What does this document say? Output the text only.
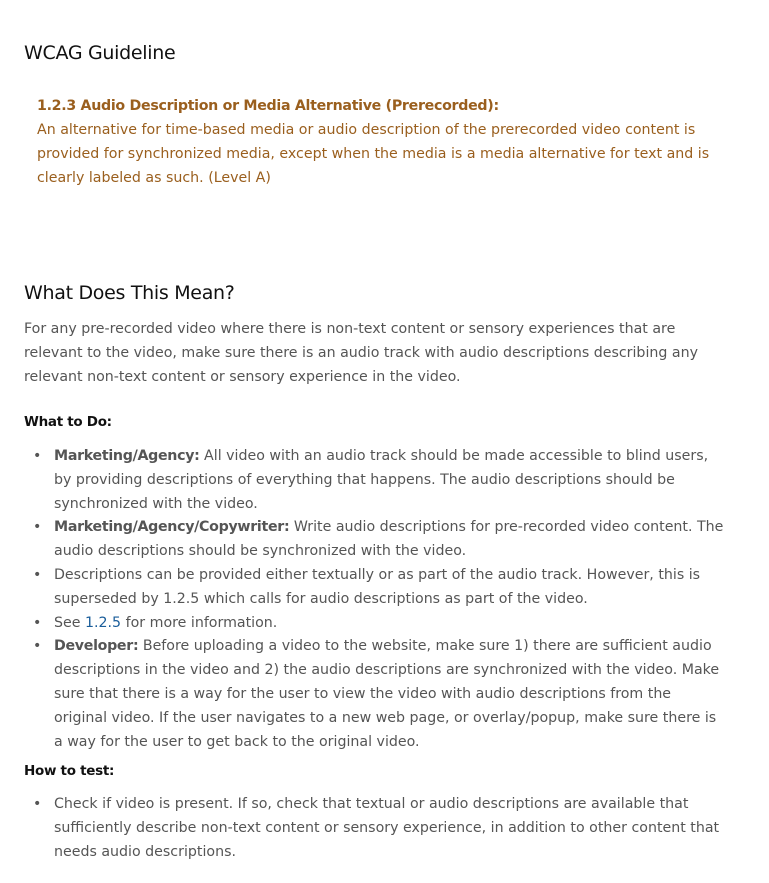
WCAG Guideline
1.2.3 Audio Description or Media Alternative (Prerecorded):
An alternative for time-based media or audio description of the prerecorded video content is provided for synchronized media, except when the media is a media alternative for text and is clearly labeled as such. (Level A)
What Does This Mean?

For any pre-recorded video where there is non-text content or sensory experiences that are relevant to the video, make sure there is an audio track with audio descriptions describing any relevant non-text content or sensory experience in the video.

What to Do:
• Marketing/Agency: All video with an audio track should be made accessible to blind users, by providing descriptions of everything that happens. The audio descriptions should be synchronized with the video.
• Marketing/Agency/Copywriter: Write audio descriptions for pre-recorded video content. The audio descriptions should be synchronized with the video.
• Descriptions can be provided either textually or as part of the audio track. However, this is superseded by 1.2.5 which calls for audio descriptions as part of the video.
• See 1.2.5 for more information.
• Developer: Before uploading a video to the website, make sure 1) there are sufficient audio descriptions in the video and 2) the audio descriptions are synchronized with the video. Make sure that there is a way for the user to view the video with audio descriptions from the original video. If the user navigates to a new web page, or overlay/popup, make sure there is a way for the user to get back to the original video.
How to test:
• Check if video is present. If so, check that textual or audio descriptions are available that sufficiently describe non-text content or sensory experience, in addition to other content that needs audio descriptions.
